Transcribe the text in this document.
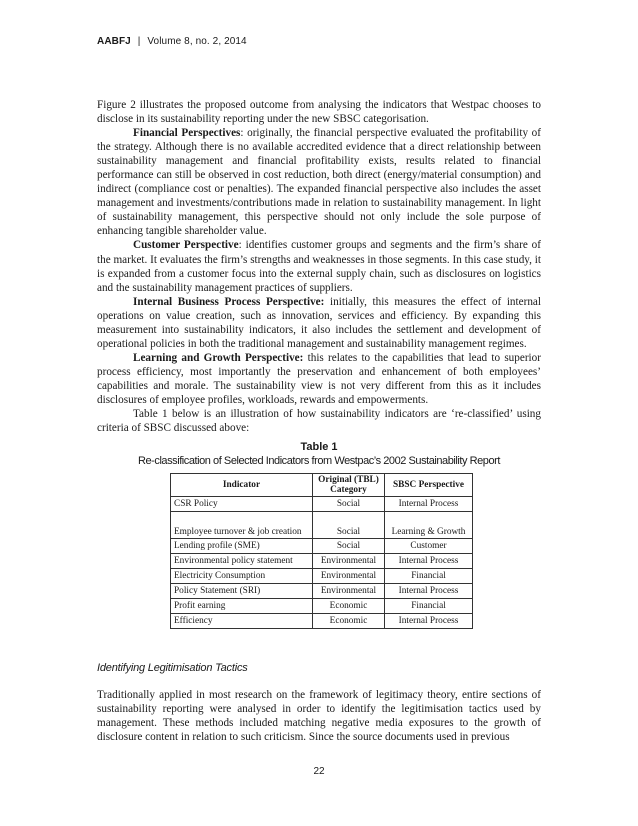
AABFJ | Volume 8, no. 2, 2014

Figure 2 illustrates the proposed outcome from analysing the indicators that Westpac chooses to disclose in its sustainability reporting under the new SBSC categorisation.

Financial Perspectives: originally, the financial perspective evaluated the profitability of the strategy. Although there is no available accredited evidence that a direct relationship between sustainability management and financial profitability exists, results related to financial performance can still be observed in cost reduction, both direct (energy/material consumption) and indirect (compliance cost or penalties). The expanded financial perspective also includes the asset management and investments/contributions made in relation to sustainability management. In light of sustainability management, this perspective should not only include the sole purpose of enhancing tangible shareholder value.

Customer Perspective: identifies customer groups and segments and the firm’s share of the market. It evaluates the firm’s strengths and weaknesses in those segments. In this case study, it is expanded from a customer focus into the external supply chain, such as disclosures on logistics and the sustainability management practices of suppliers.

Internal Business Process Perspective: initially, this measures the effect of internal operations on value creation, such as innovation, services and efficiency. By expanding this measurement into sustainability indicators, it also includes the settlement and development of operational policies in both the traditional management and sustainability management regimes.

Learning and Growth Perspective: this relates to the capabilities that lead to superior process efficiency, most importantly the preservation and enhancement of both employees’ capabilities and morale. The sustainability view is not very different from this as it includes disclosures of employee profiles, workloads, rewards and empowerments.

Table 1 below is an illustration of how sustainability indicators are ‘re-classified’ using criteria of SBSC discussed above:

Table 1
Re-classification of Selected Indicators from Westpac’s 2002 Sustainability Report
Indicator	Original (TBL) Category	SBSC Perspective
CSR Policy	Social	Internal Process
Employee turnover & job creation	Social	Learning & Growth
Lending profile (SME)	Social	Customer
Environmental policy statement	Environmental	Internal Process
Electricity Consumption	Environmental	Financial
Policy Statement (SRI)	Environmental	Internal Process
Profit earning	Economic	Financial
Efficiency	Economic	Internal Process
Identifying Legitimisation Tactics

Traditionally applied in most research on the framework of legitimacy theory, entire sections of sustainability reporting were analysed in order to identify the legitimisation tactics used by management. These methods included matching negative media exposures to the growth of disclosure content in relation to such criticism. Since the source documents used in previous

22
